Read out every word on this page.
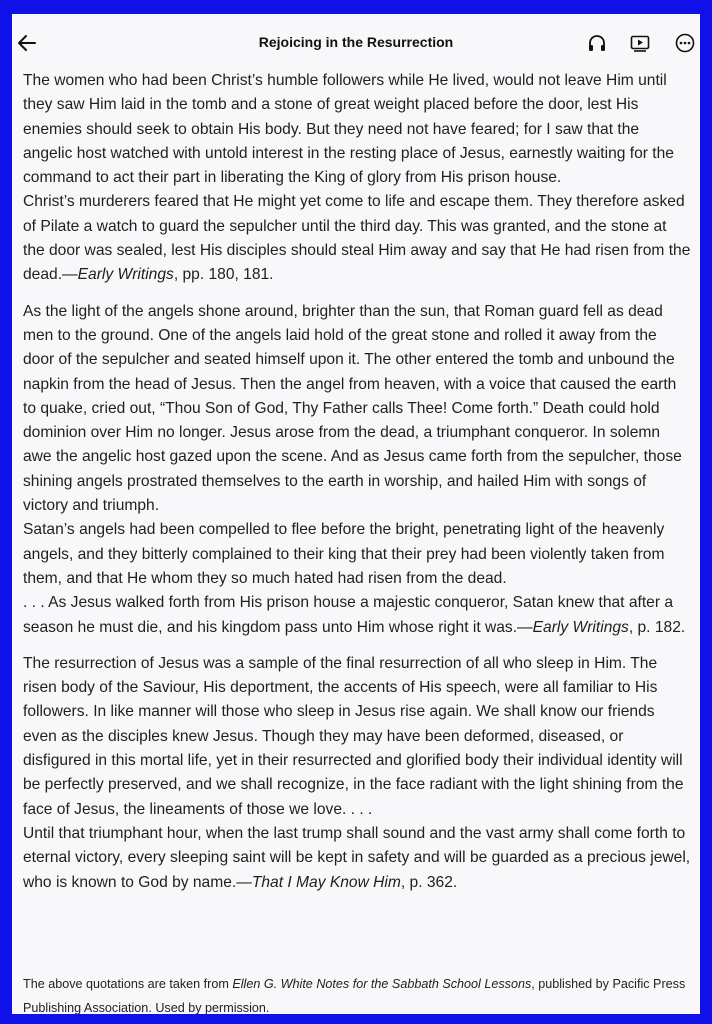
Rejoicing in the Resurrection

The women who had been Christ’s humble followers while He lived, would not leave Him until they saw Him laid in the tomb and a stone of great weight placed before the door, lest His enemies should seek to obtain His body. But they need not have feared; for I saw that the angelic host watched with untold interest in the resting place of Jesus, earnestly waiting for the command to act their part in liberating the King of glory from His prison house.

Christ’s murderers feared that He might yet come to life and escape them. They therefore asked of Pilate a watch to guard the sepulcher until the third day. This was granted, and the stone at the door was sealed, lest His disciples should steal Him away and say that He had risen from the dead.—Early Writings, pp. 180, 181.

As the light of the angels shone around, brighter than the sun, that Roman guard fell as dead men to the ground. One of the angels laid hold of the great stone and rolled it away from the door of the sepulcher and seated himself upon it. The other entered the tomb and unbound the napkin from the head of Jesus. Then the angel from heaven, with a voice that caused the earth to quake, cried out, “Thou Son of God, Thy Father calls Thee! Come forth.” Death could hold dominion over Him no longer. Jesus arose from the dead, a triumphant conqueror. In solemn awe the angelic host gazed upon the scene. And as Jesus came forth from the sepulcher, those shining angels prostrated themselves to the earth in worship, and hailed Him with songs of victory and triumph.

Satan’s angels had been compelled to flee before the bright, penetrating light of the heavenly angels, and they bitterly complained to their king that their prey had been violently taken from them, and that He whom they so much hated had risen from the dead.
. . . As Jesus walked forth from His prison house a majestic conqueror, Satan knew that after a season he must die, and his kingdom pass unto Him whose right it was.—Early Writings, p. 182.

The resurrection of Jesus was a sample of the final resurrection of all who sleep in Him. The risen body of the Saviour, His deportment, the accents of His speech, were all familiar to His followers. In like manner will those who sleep in Jesus rise again. We shall know our friends even as the disciples knew Jesus. Though they may have been deformed, diseased, or disfigured in this mortal life, yet in their resurrected and glorified body their individual identity will be perfectly preserved, and we shall recognize, in the face radiant with the light shining from the face of Jesus, the lineaments of those we love. . . .

Until that triumphant hour, when the last trump shall sound and the vast army shall come forth to eternal victory, every sleeping saint will be kept in safety and will be guarded as a precious jewel, who is known to God by name.—That I May Know Him, p. 362.

The above quotations are taken from Ellen G. White Notes for the Sabbath School Lessons, published by Pacific Press Publishing Association. Used by permission.
